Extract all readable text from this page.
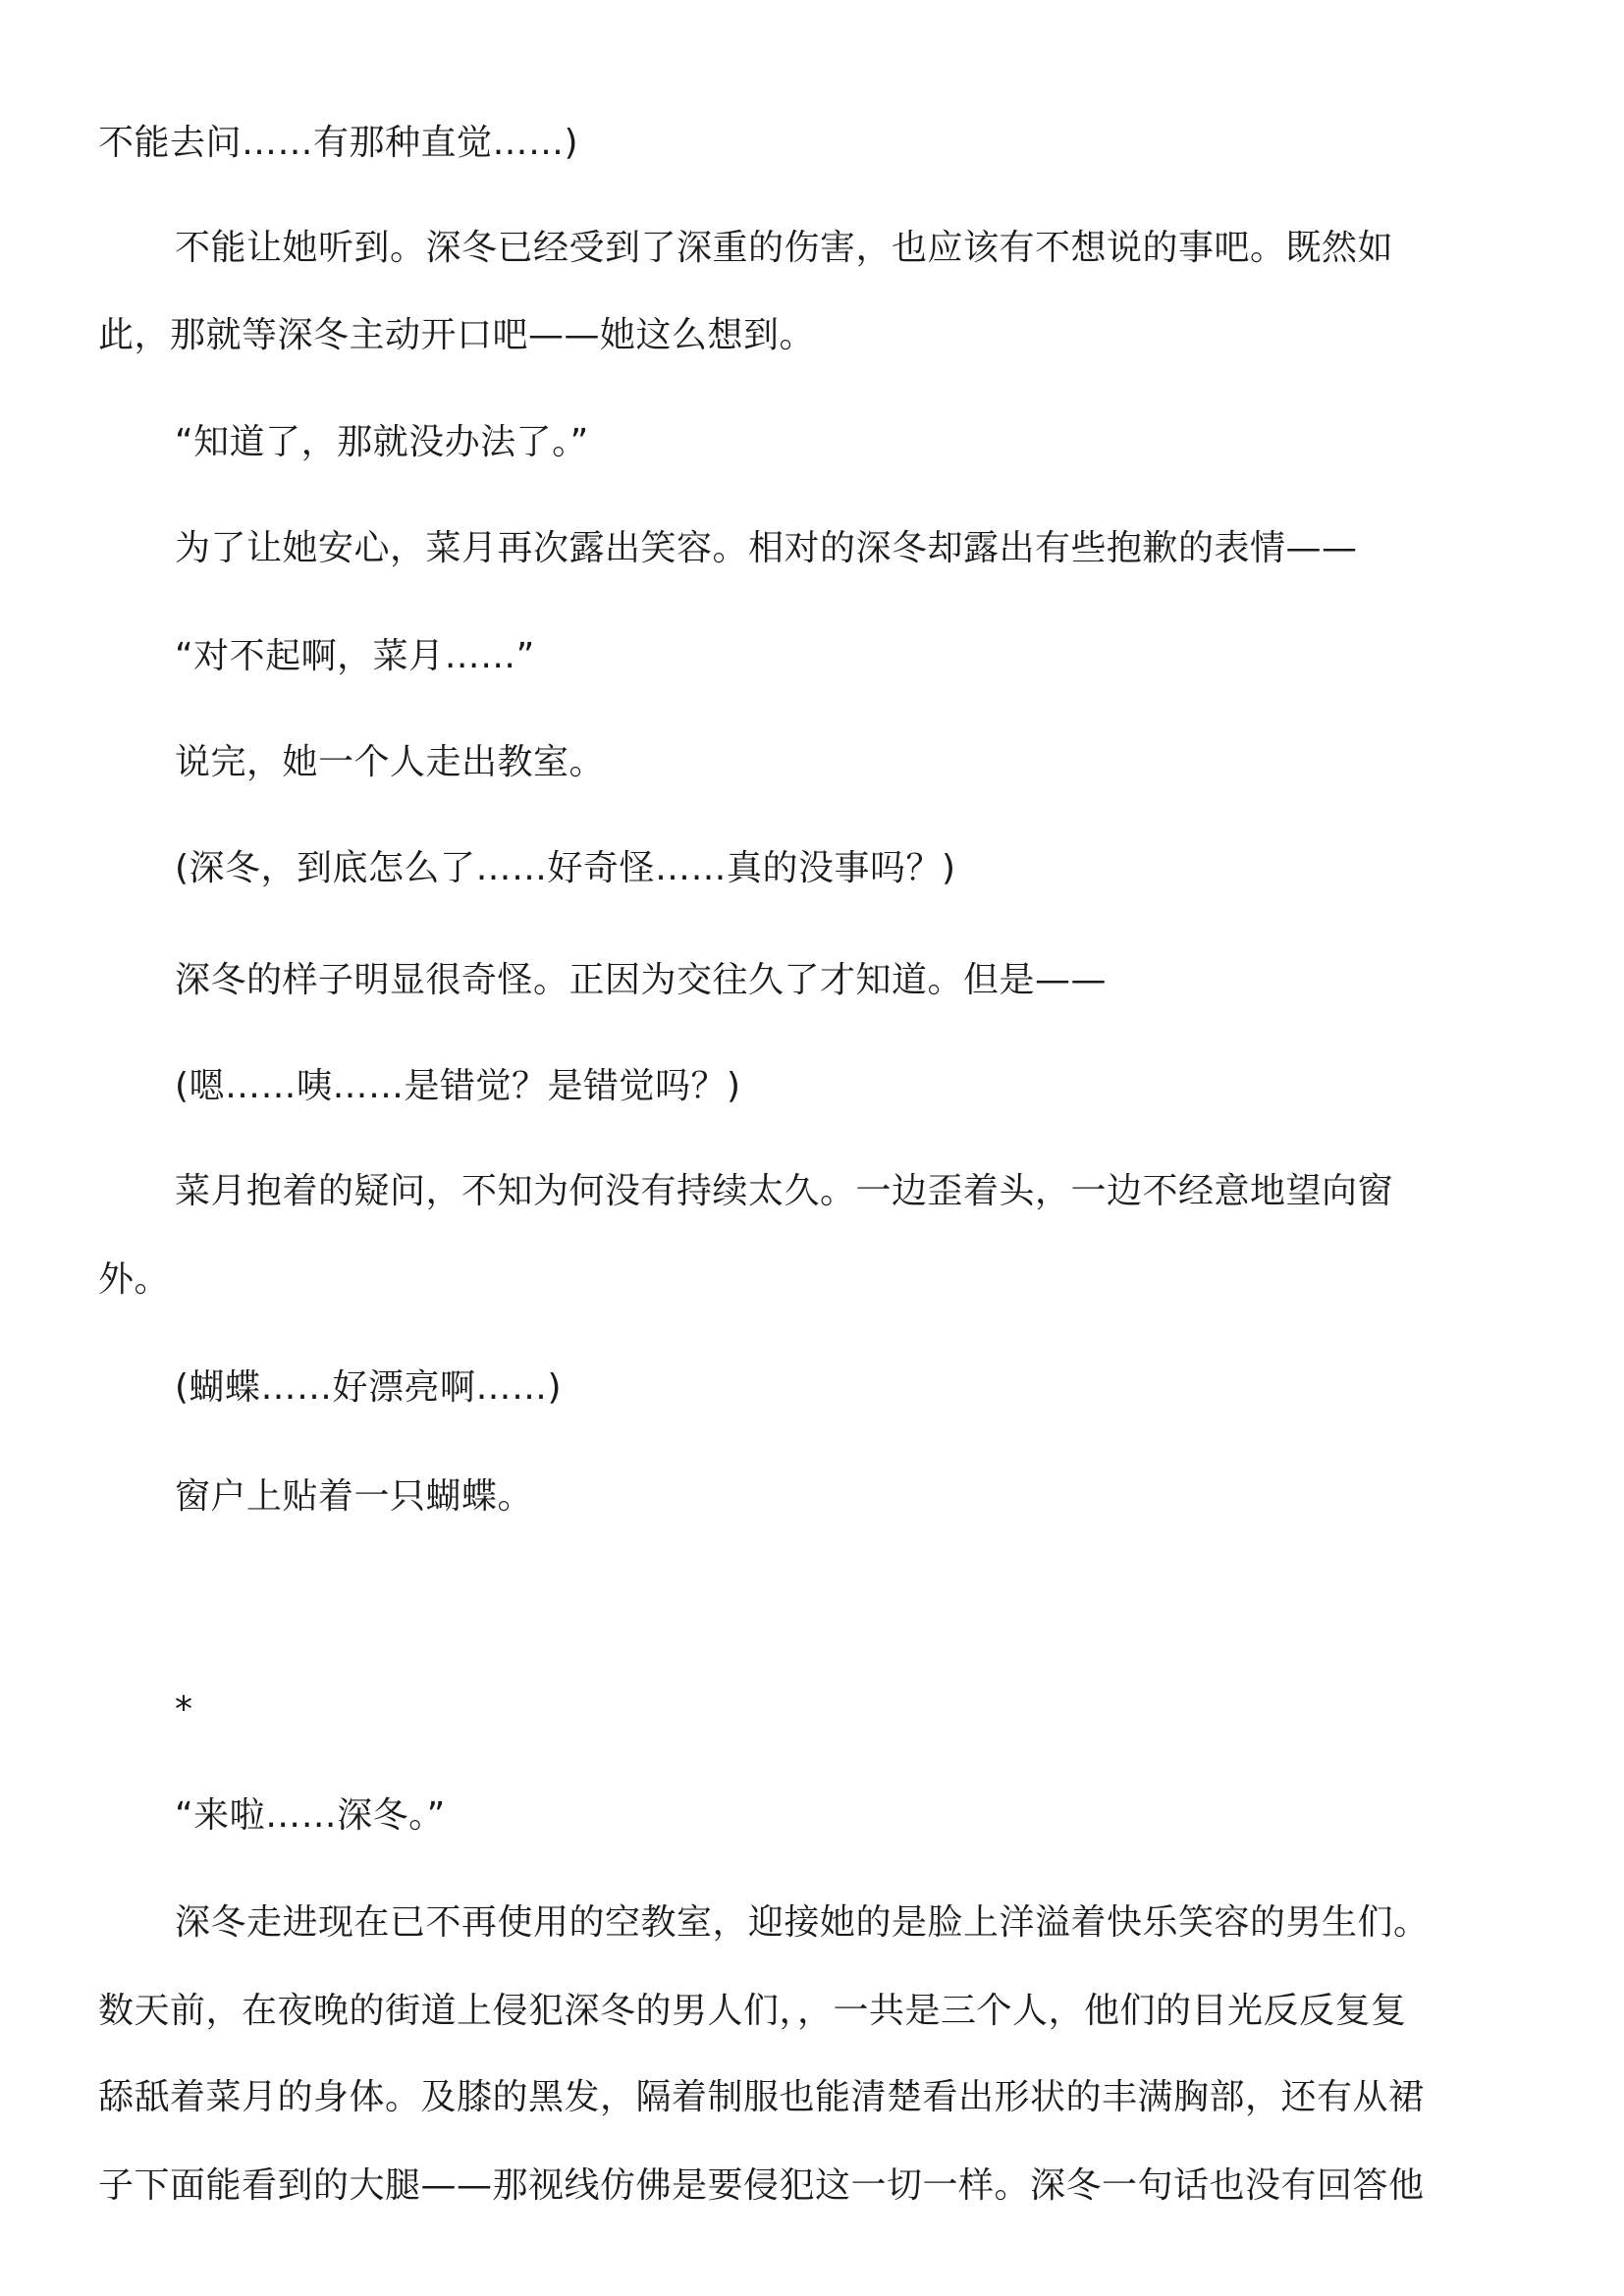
不能去问……有那种直觉……)
不能让她听到。深冬已经受到了深重的伤害，也应该有不想说的事吧。既然如
此，那就等深冬主动开口吧——她这么想到。
“知道了，那就没办法了。”
为了让她安心，菜月再次露出笑容。相对的深冬却露出有些抱歉的表情——
“对不起啊，菜月……”
说完，她一个人走出教室。
(深冬，到底怎么了……好奇怪……真的没事吗？)
深冬的样子明显很奇怪。正因为交往久了才知道。但是——
(嗯……咦……是错觉？是错觉吗？)
菜月抱着的疑问，不知为何没有持续太久。一边歪着头，一边不经意地望向窗
外。
(蝴蝶……好漂亮啊……)
窗户上贴着一只蝴蝶。
*
“来啦……深冬。”
深冬走进现在已不再使用的空教室，迎接她的是脸上洋溢着快乐笑容的男生们。
数天前，在夜晚的街道上侵犯深冬的男人们，，一共是三个人，他们的目光反反复复
舔舐着菜月的身体。及膝的黑发，隔着制服也能清楚看出形状的丰满胸部，还有从裙
子下面能看到的大腿——那视线仿佛是要侵犯这一切一样。深冬一句话也没有回答他
